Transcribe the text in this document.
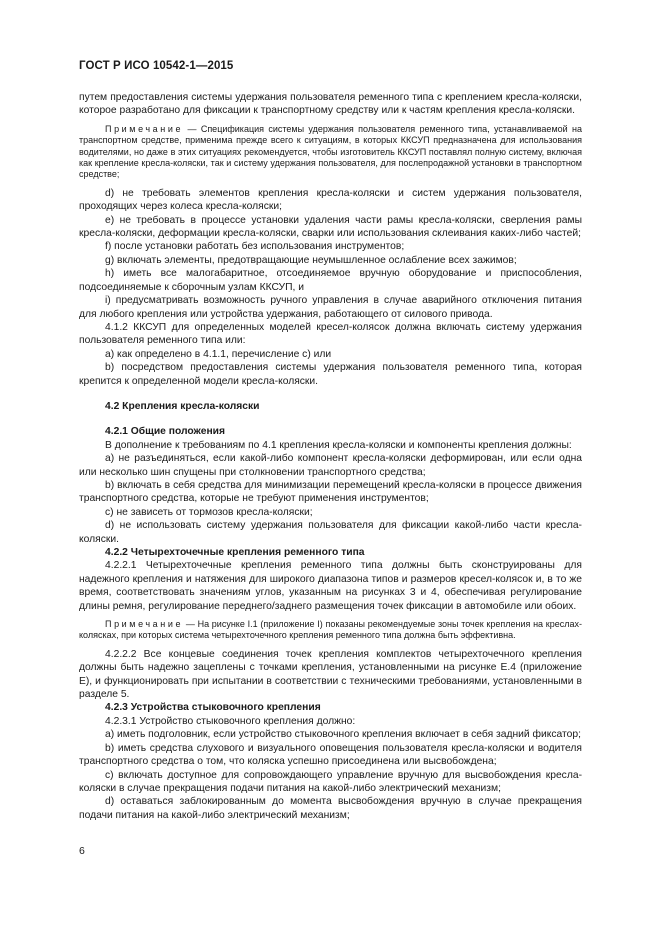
ГОСТ Р ИСО 10542-1—2015

путем предоставления системы удержания пользователя ременного типа с креплением кресла-коляски, которое разработано для фиксации к транспортному средству или к частям крепления кресла-коляски.

Примечание — Спецификация системы удержания пользователя ременного типа, устанавливаемой на транспортном средстве, применима прежде всего к ситуациям, в которых ККСУП предназначена для использования водителями, но даже в этих ситуациях рекомендуется, чтобы изготовитель ККСУП поставлял полную систему, включая как крепление кресла-коляски, так и систему удержания пользователя, для послепродажной установки в транспортном средстве;

d) не требовать элементов крепления кресла-коляски и систем удержания пользователя, проходящих через колеса кресла-коляски;

e) не требовать в процессе установки удаления части рамы кресла-коляски, сверления рамы кресла-коляски, деформации кресла-коляски, сварки или использования склеивания каких-либо частей;

f) после установки работать без использования инструментов;

g) включать элементы, предотвращающие неумышленное ослабление всех зажимов;

h) иметь все малогабаритное, отсоединяемое вручную оборудование и приспособления, подсоединяемые к сборочным узлам ККСУП, и

i) предусматривать возможность ручного управления в случае аварийного отключения питания для любого крепления или устройства удержания, работающего от силового привода.

4.1.2 ККСУП для определенных моделей кресел-колясок должна включать систему удержания пользователя ременного типа или:

a) как определено в 4.1.1, перечисление с) или

b) посредством предоставления системы удержания пользователя ременного типа, которая крепится к определенной модели кресла-коляски.

4.2 Крепления кресла-коляски

4.2.1 Общие положения

В дополнение к требованиям по 4.1 крепления кресла-коляски и компоненты крепления должны:

a) не разъединяться, если какой-либо компонент кресла-коляски деформирован, или если одна или несколько шин спущены при столкновении транспортного средства;

b) включать в себя средства для минимизации перемещений кресла-коляски в процессе движения транспортного средства, которые не требуют применения инструментов;

c) не зависеть от тормозов кресла-коляски;

d) не использовать систему удержания пользователя для фиксации какой-либо части кресла-коляски.

4.2.2 Четырехточечные крепления ременного типа

4.2.2.1 Четырехточечные крепления ременного типа должны быть сконструированы для надежного крепления и натяжения для широкого диапазона типов и размеров кресел-колясок и, в то же время, соответствовать значениям углов, указанным на рисунках 3 и 4, обеспечивая регулирование длины ремня, регулирование переднего/заднего размещения точек фиксации в автомобиле или обоих.

Примечание — На рисунке I.1 (приложение I) показаны рекомендуемые зоны точек крепления на креслах-колясках, при которых система четырехточечного крепления ременного типа должна быть эффективна.

4.2.2.2 Все концевые соединения точек крепления комплектов четырехточечного крепления должны быть надежно зацеплены с точками крепления, установленными на рисунке Е.4 (приложение Е), и функционировать при испытании в соответствии с техническими требованиями, установленными в разделе 5.

4.2.3 Устройства стыковочного крепления

4.2.3.1 Устройство стыковочного крепления должно:

a) иметь подголовник, если устройство стыковочного крепления включает в себя задний фиксатор;

b) иметь средства слухового и визуального оповещения пользователя кресла-коляски и водителя транспортного средства о том, что коляска успешно присоединена или высвобождена;

c) включать доступное для сопровождающего управление вручную для высвобождения кресла-коляски в случае прекращения подачи питания на какой-либо электрический механизм;

d) оставаться заблокированным до момента высвобождения вручную в случае прекращения подачи питания на какой-либо электрический механизм;

6
